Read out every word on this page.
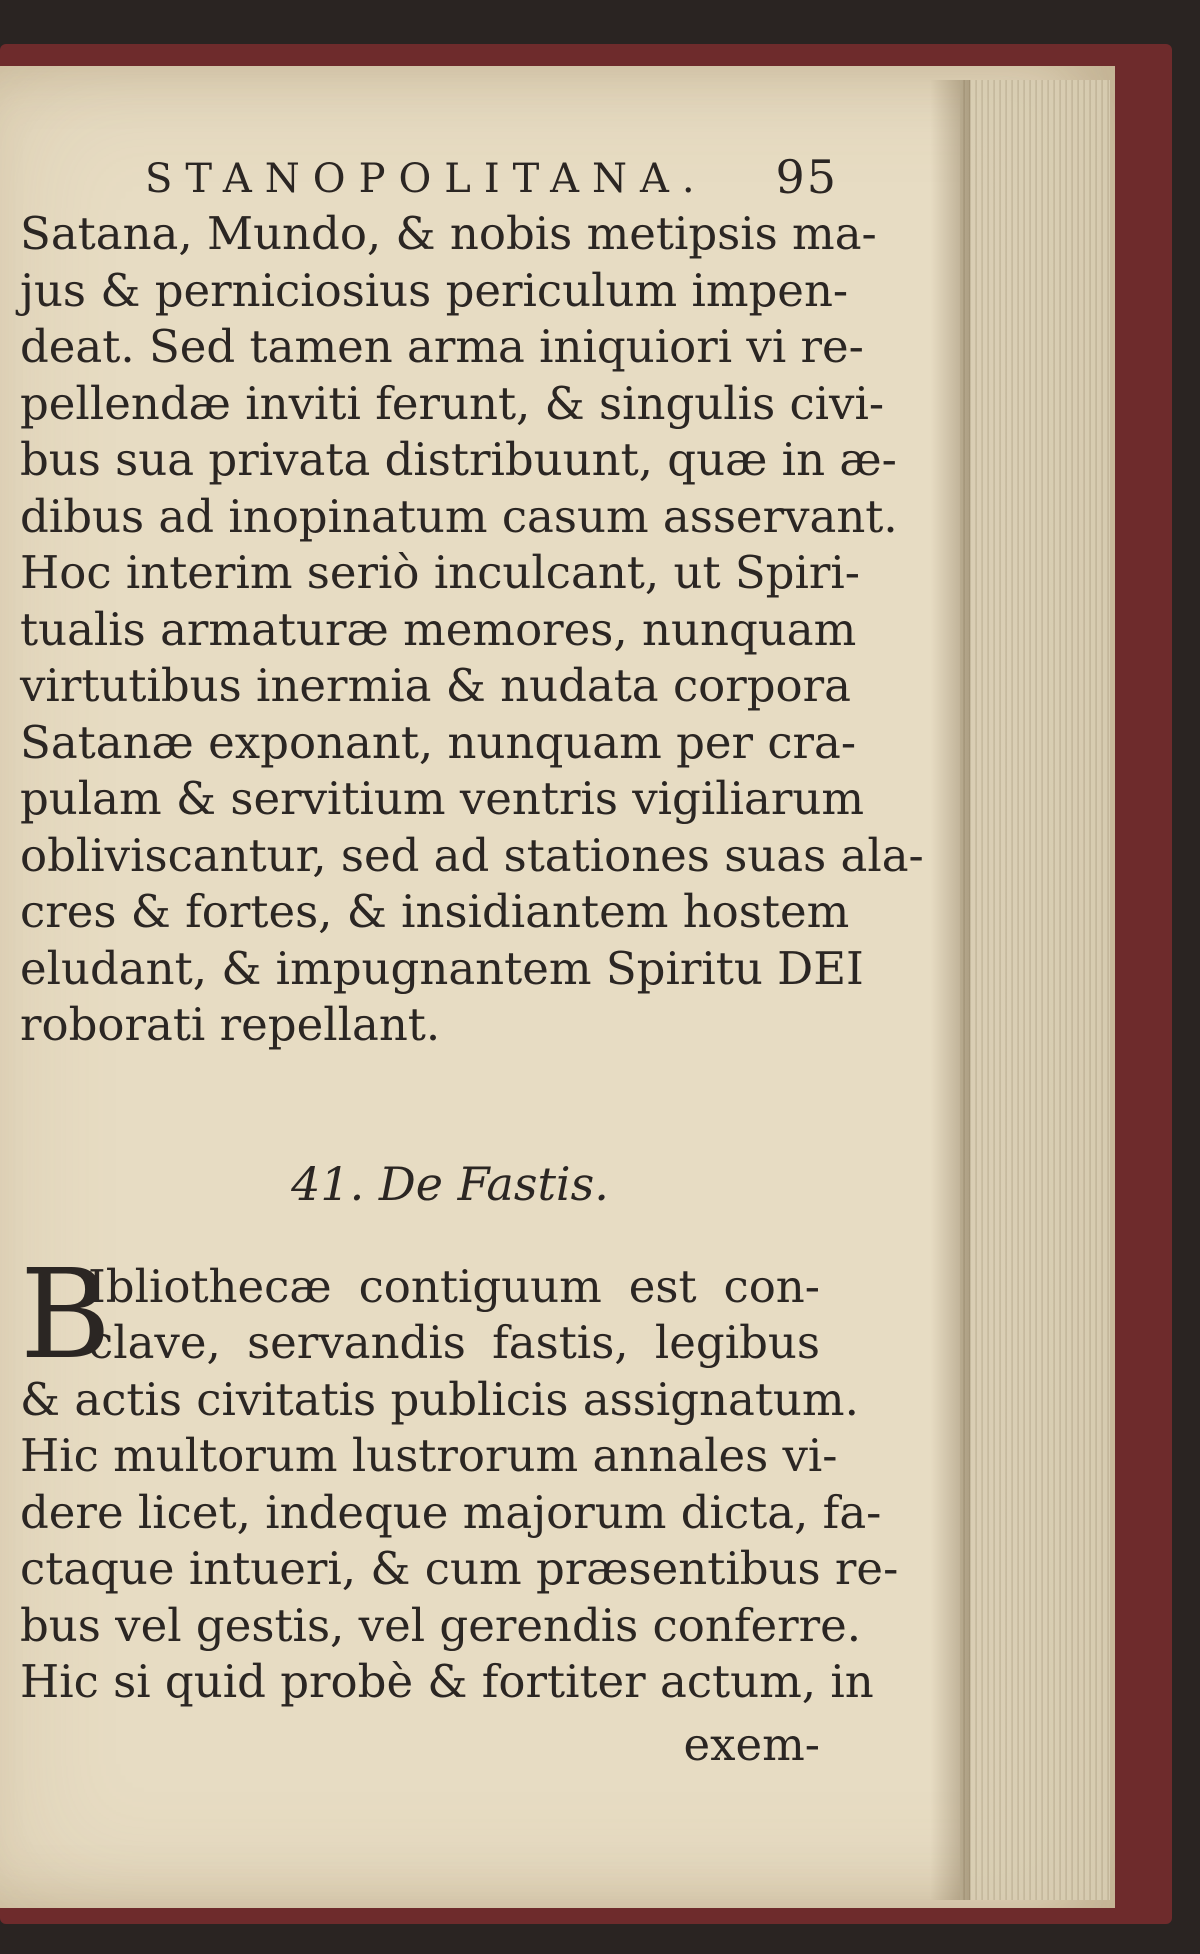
STANOPOLITANA. 95
Satana, Mundo, & nobis metipsis ma-
jus & perniciosius periculum impen-
deat. Sed tamen arma iniquiori vi re-
pellendæ inviti ferunt, & singulis civi-
bus sua privata distribuunt, quæ in æ-
dibus ad inopinatum casum asservant.
Hoc interim seriò inculcant, ut Spiri-
tualis armaturæ memores, nunquam
virtutibus inermia & nudata corpora
Satanæ exponant, nunquam per cra-
pulam & servitium ventris vigiliarum
obliviscantur, sed ad stationes suas ala-
cres & fortes, & insidiantem hostem
eludant, & impugnantem Spiritu DEI
roborati repellant.
41. De Fastis.
B
Ibliothecæ contiguum est con-
clave, servandis fastis, legibus
& actis civitatis publicis assignatum.
Hic multorum lustrorum annales vi-
dere licet, indeque majorum dicta, fa-
ctaque intueri, & cum præsentibus re-
bus vel gestis, vel gerendis conferre.
Hic si quid probè & fortiter actum, in
exem-
